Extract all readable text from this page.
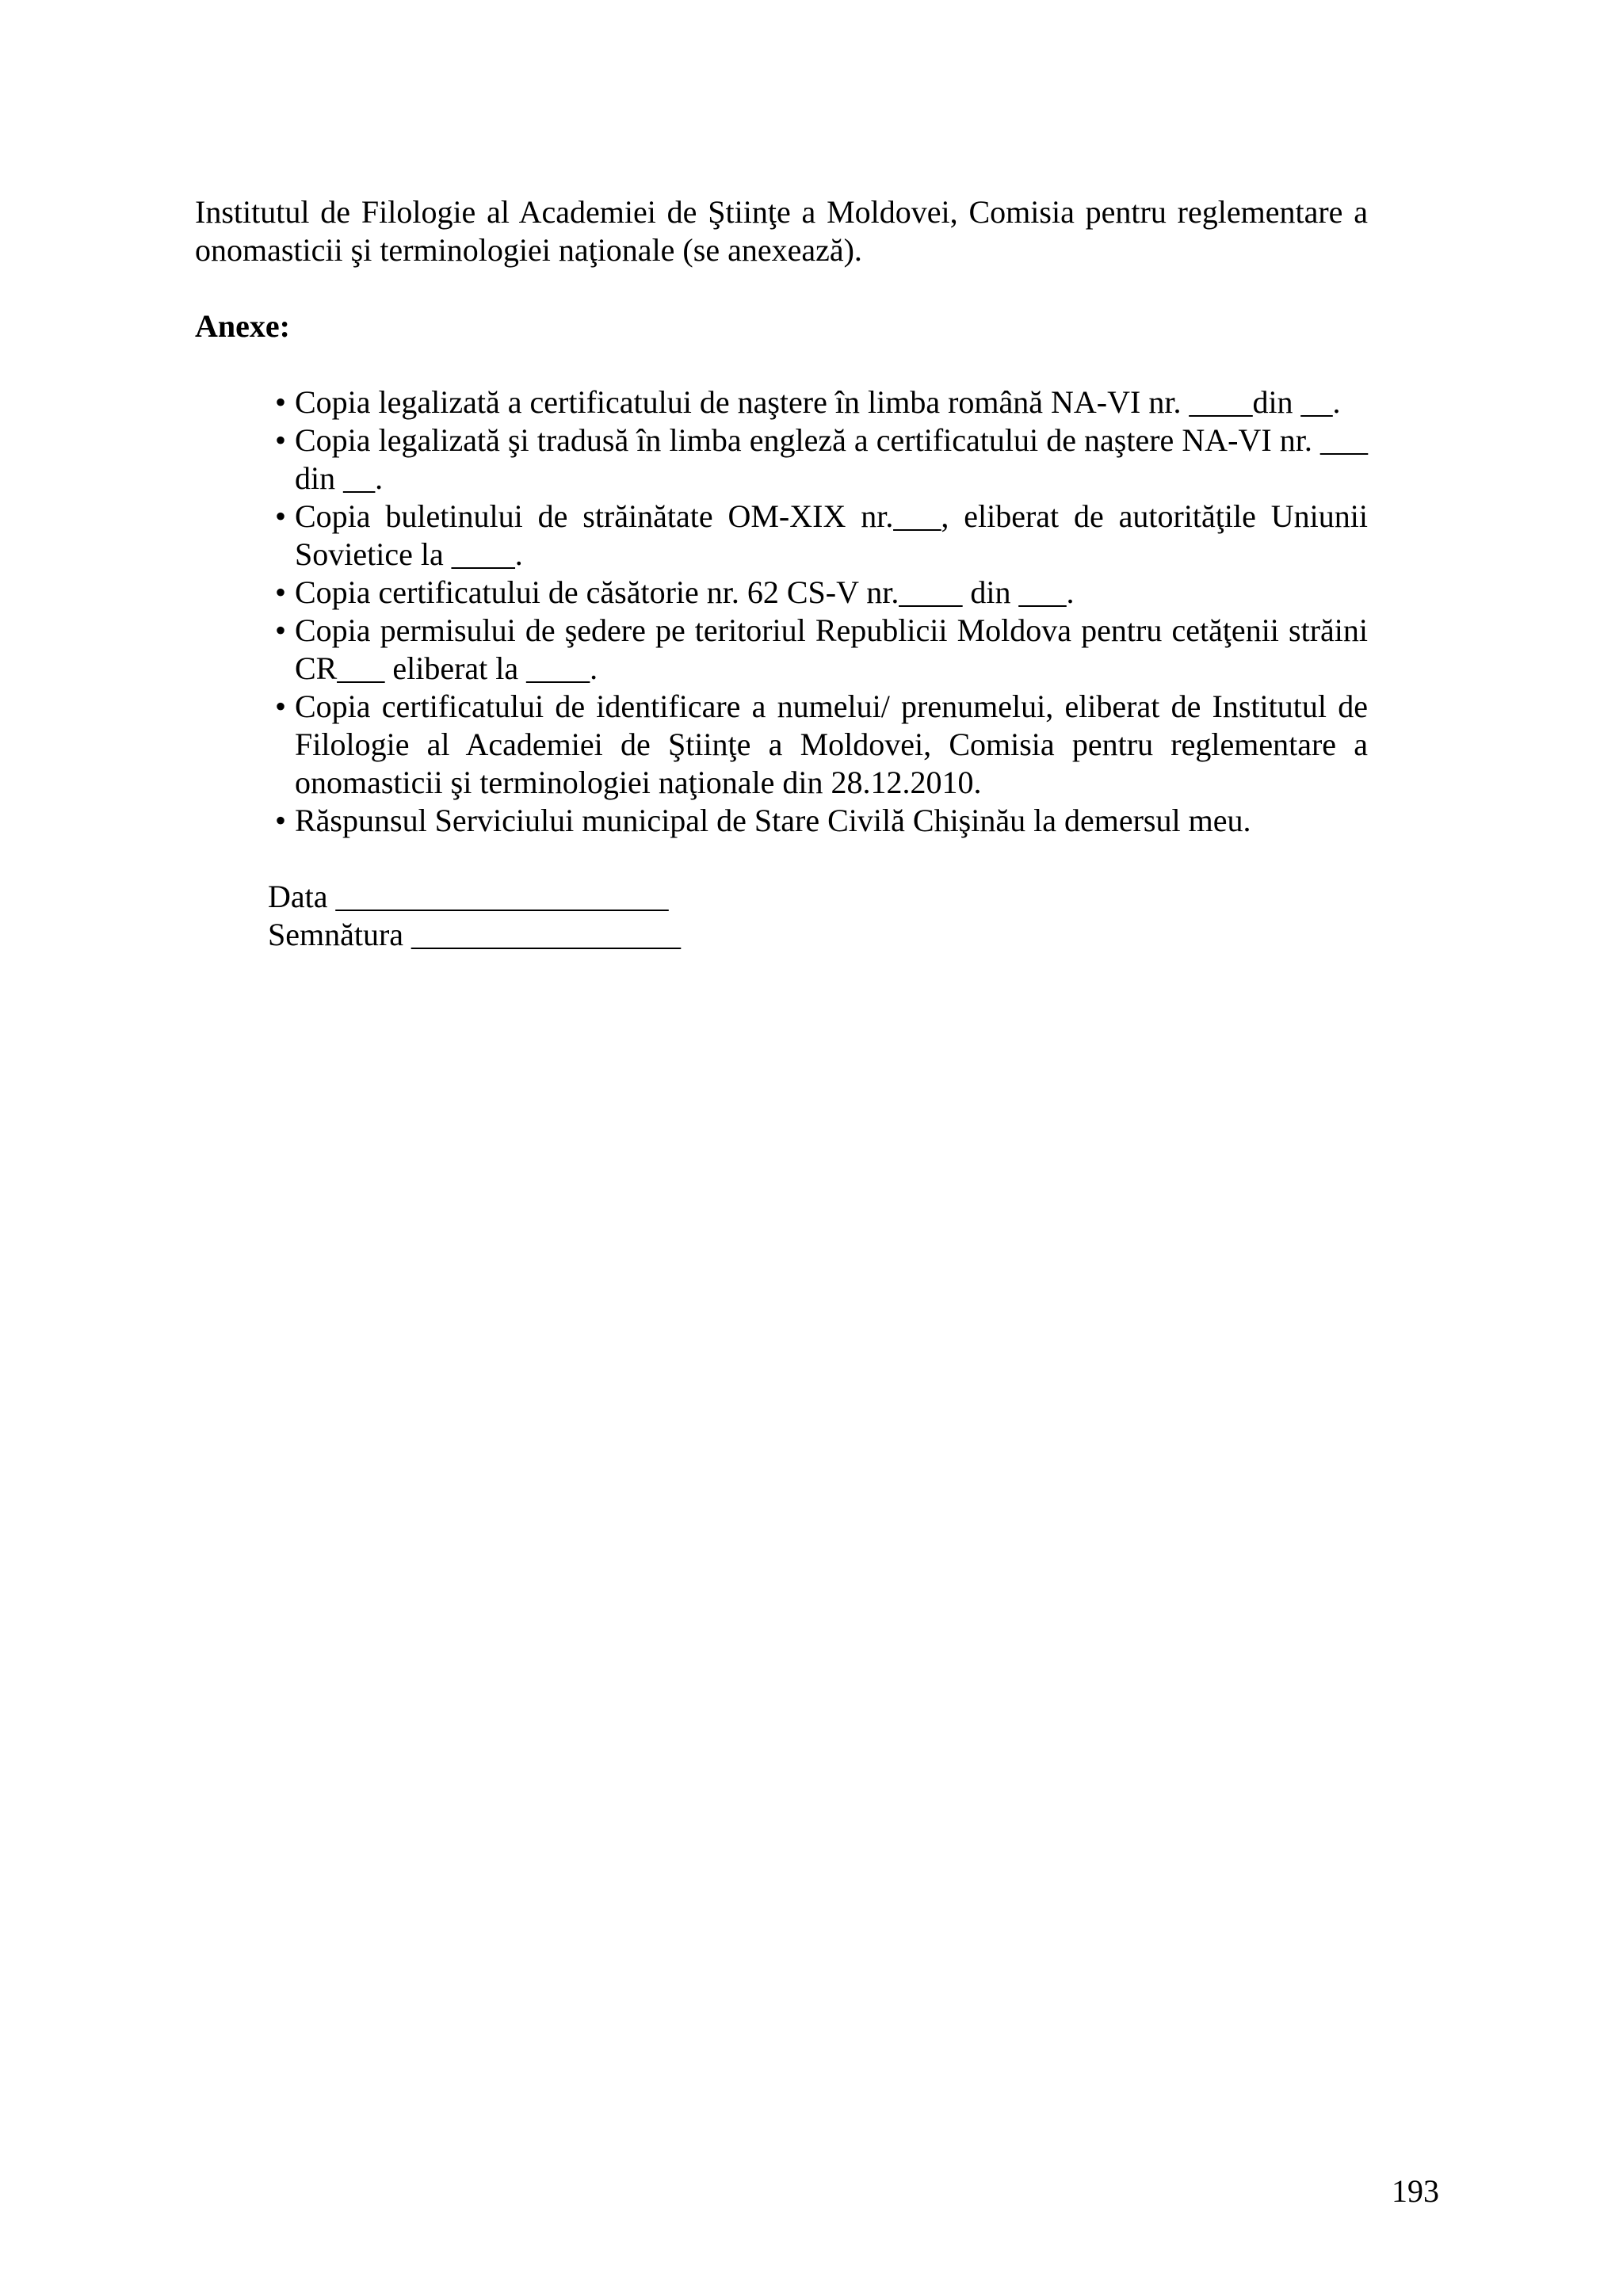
Institutul de Filologie al Academiei de Ştiinţe a Moldovei, Comisia pentru reglementare a onomasticii şi terminologiei naţionale (se anexează).

Anexe:

• Copia legalizată a certificatului de naştere în limba română NA-VI nr. ____din __.
• Copia legalizată şi tradusă în limba engleză a certificatului de naştere NA-VI nr. ___ din __.
• Copia buletinului de străinătate OM-XIX nr.___, eliberat de autorităţile Uniunii Sovietice la ____.
• Copia certificatului de căsătorie nr. 62 CS-V nr.____ din ___.
• Copia permisului de şedere pe teritoriul Republicii Moldova pentru cetăţenii străini CR___ eliberat la ____.
• Copia certificatului de identificare a numelui/ prenumelui, eliberat de Institutul de Filologie al Academiei de Ştiinţe a Moldovei, Comisia pentru reglementare a onomasticii şi terminologiei naţionale din 28.12.2010.
• Răspunsul Serviciului municipal de Stare Civilă Chişinău la demersul meu.

Data _____________________

Semnătura _________________

193
